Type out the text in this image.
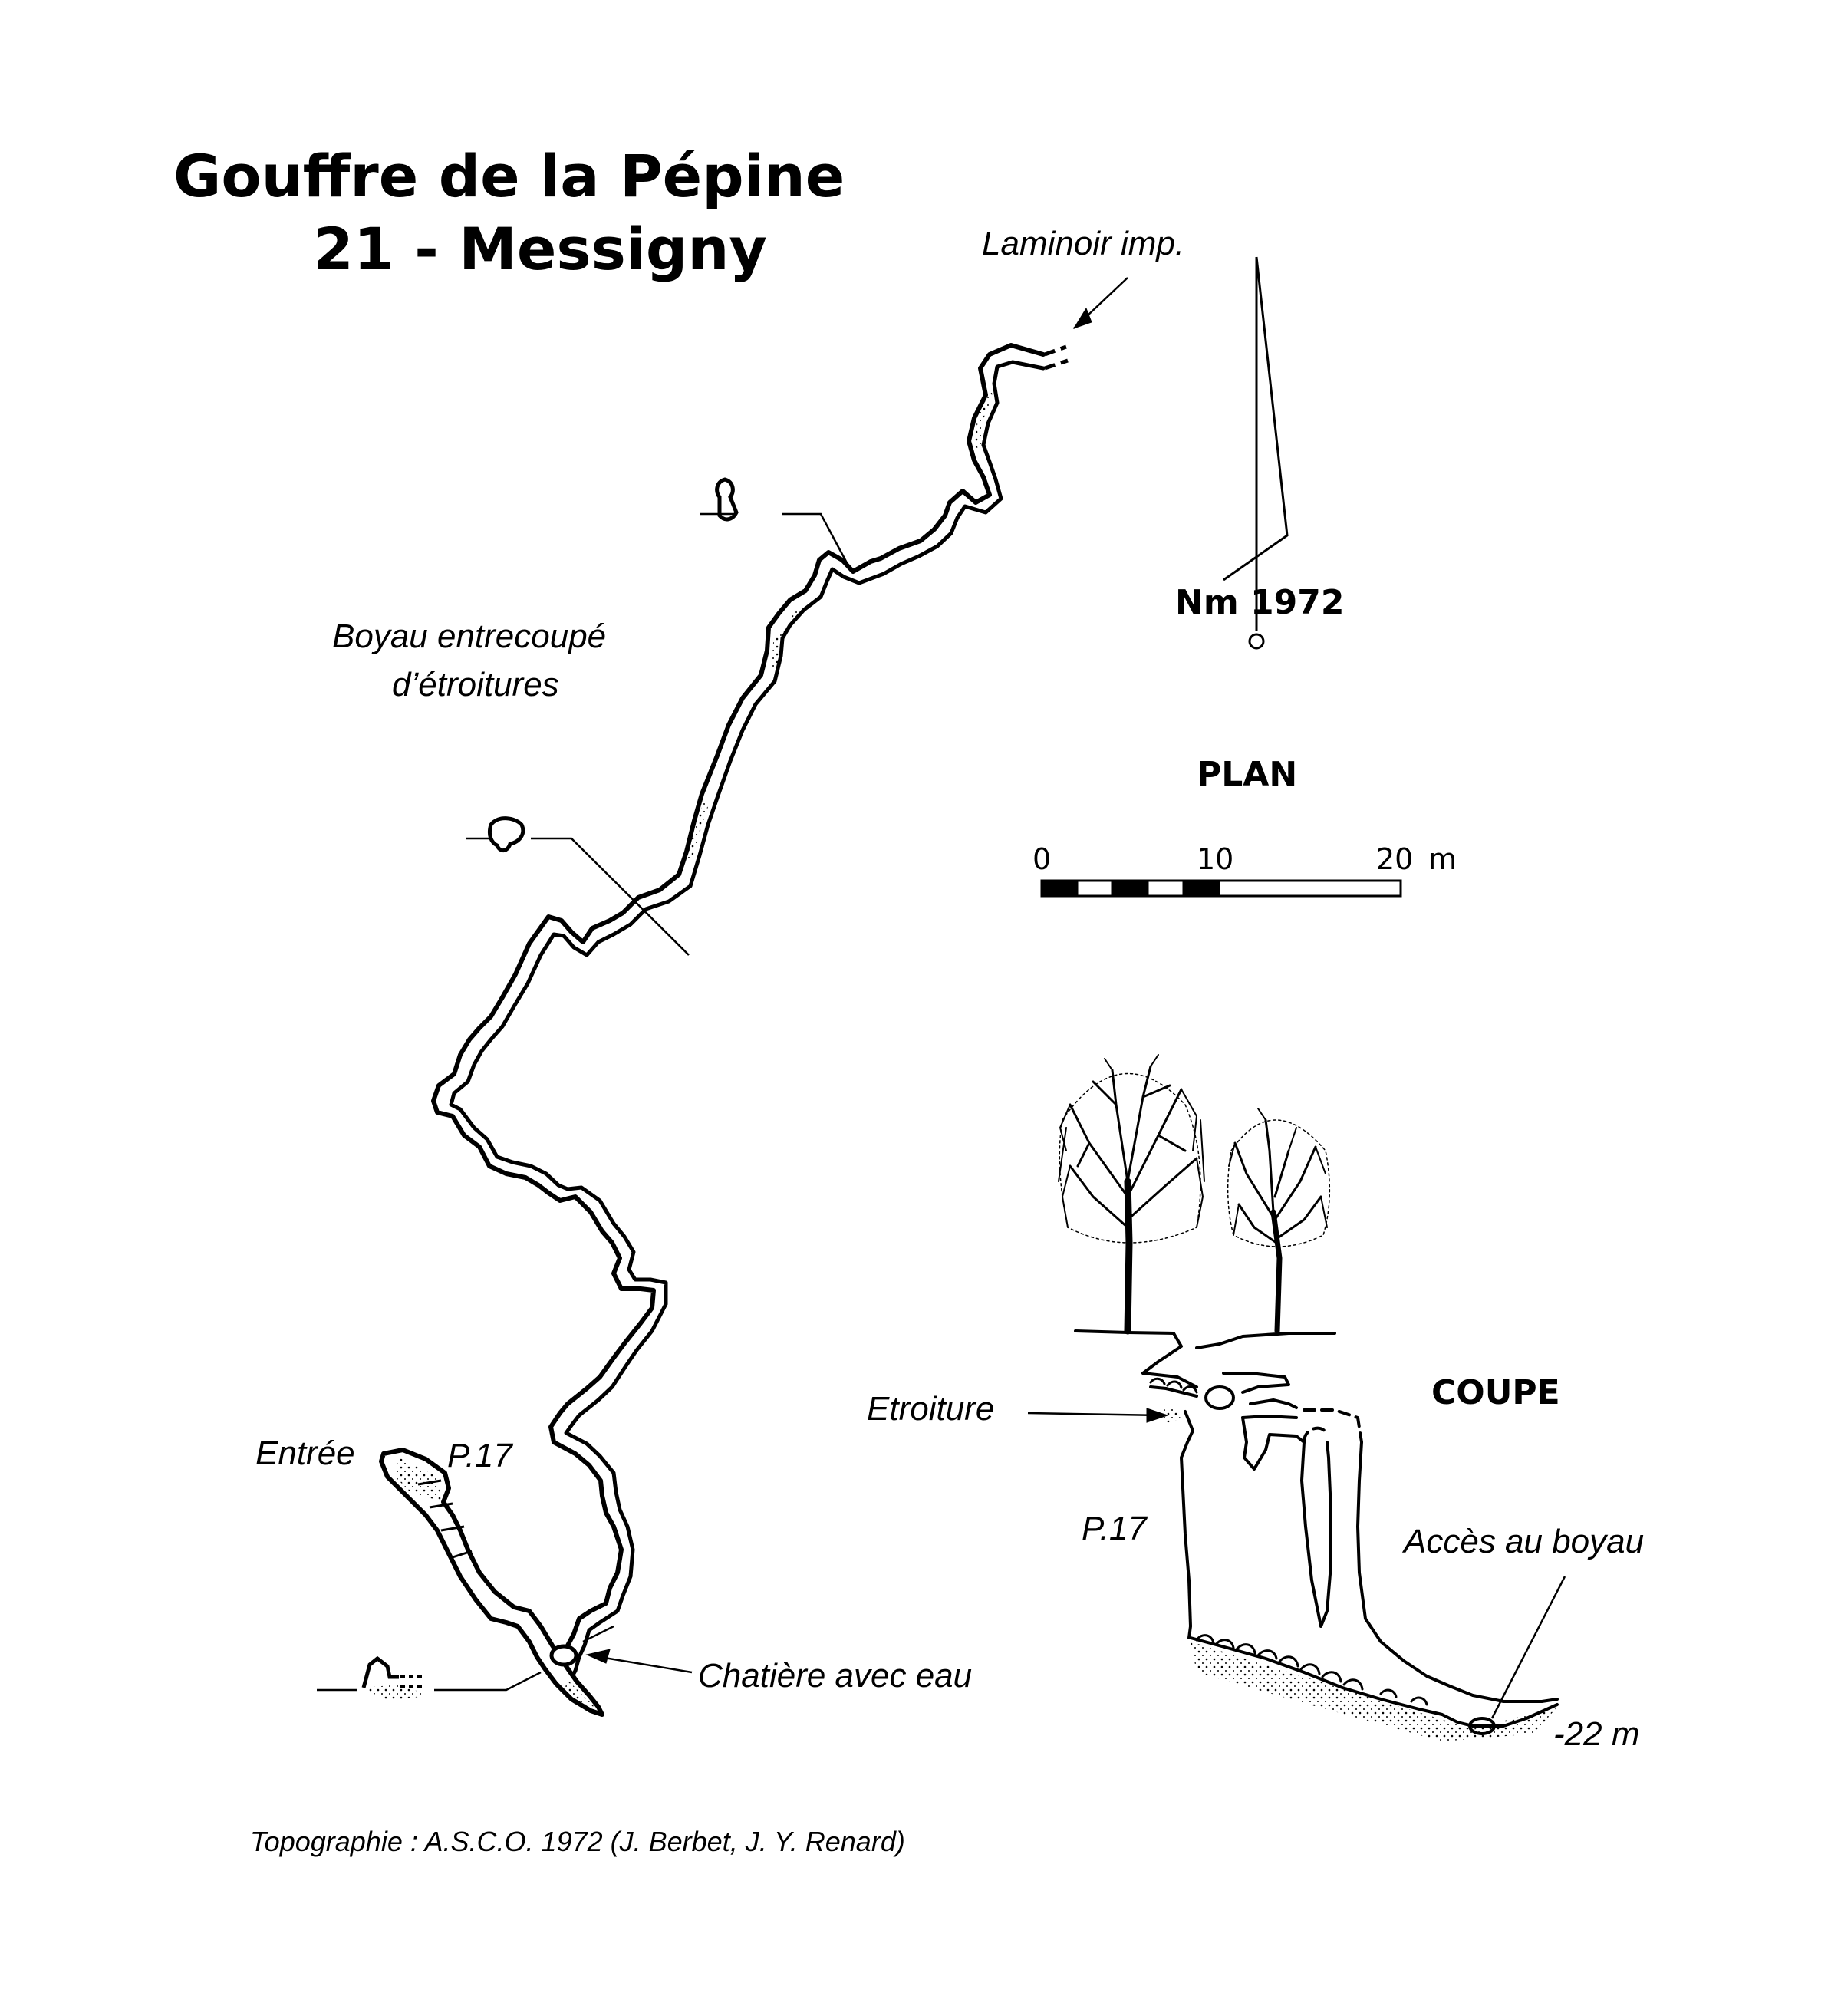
Gouffre de la Pépine
21 - Messigny	Laminoir imp.
Boyau entrecoupé
d’étroitures
Entrée	P.17
Chatière avec eau
Nm 1972
PLAN
0	10	20 m
COUPE
Etroiture
P.17	Accès au boyau
-22 m
Topographie : A.S.C.O. 1972 (J. Berbet, J. Y. Renard)
